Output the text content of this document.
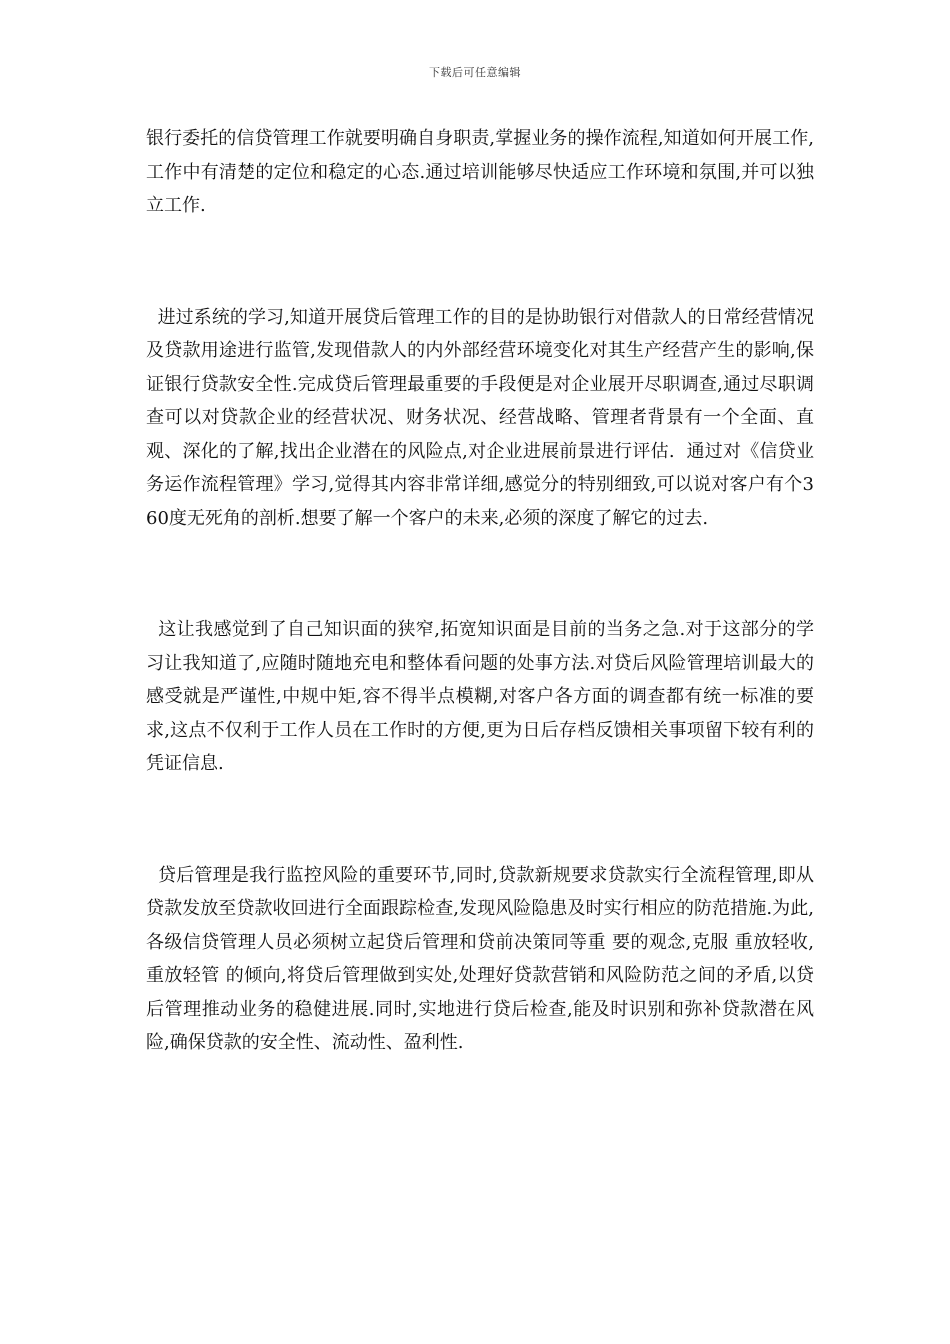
下载后可任意编辑

银行委托的信贷管理工作就要明确自身职责,掌握业务的操作流程,知道如何开展工作,工作中有清楚的定位和稳定的心态.通过培训能够尽快适应工作环境和氛围,并可以独立工作.

进过系统的学习,知道开展贷后管理工作的目的是协助银行对借款人的日常经营情况及贷款用途进行监管,发现借款人的内外部经营环境变化对其生产经营产生的影响,保证银行贷款安全性.完成贷后管理最重要的手段便是对企业展开尽职调查,通过尽职调查可以对贷款企业的经营状况、财务状况、经营战略、管理者背景有一个全面、直观、深化的了解,找出企业潜在的风险点,对企业进展前景进行评估.  通过对《信贷业务运作流程管理》学习,觉得其内容非常详细,感觉分的特别细致,可以说对客户有个360度无死角的剖析.想要了解一个客户的未来,必须的深度了解它的过去.

这让我感觉到了自己知识面的狭窄,拓宽知识面是目前的当务之急.对于这部分的学习让我知道了,应随时随地充电和整体看问题的处事方法.对贷后风险管理培训最大的感受就是严谨性,中规中矩,容不得半点模糊,对客户各方面的调查都有统一标准的要求,这点不仅利于工作人员在工作时的方便,更为日后存档反馈相关事项留下较有利的凭证信息.

贷后管理是我行监控风险的重要环节,同时,贷款新规要求贷款实行全流程管理,即从贷款发放至贷款收回进行全面跟踪检查,发现风险隐患及时实行相应的防范措施.为此,各级信贷管理人员必须树立起贷后管理和贷前决策同等重 要的观念,克服 重放轻收,重放轻管 的倾向,将贷后管理做到实处,处理好贷款营销和风险防范之间的矛盾,以贷后管理推动业务的稳健进展.同时,实地进行贷后检查,能及时识别和弥补贷款潜在风险,确保贷款的安全性、流动性、盈利性.
